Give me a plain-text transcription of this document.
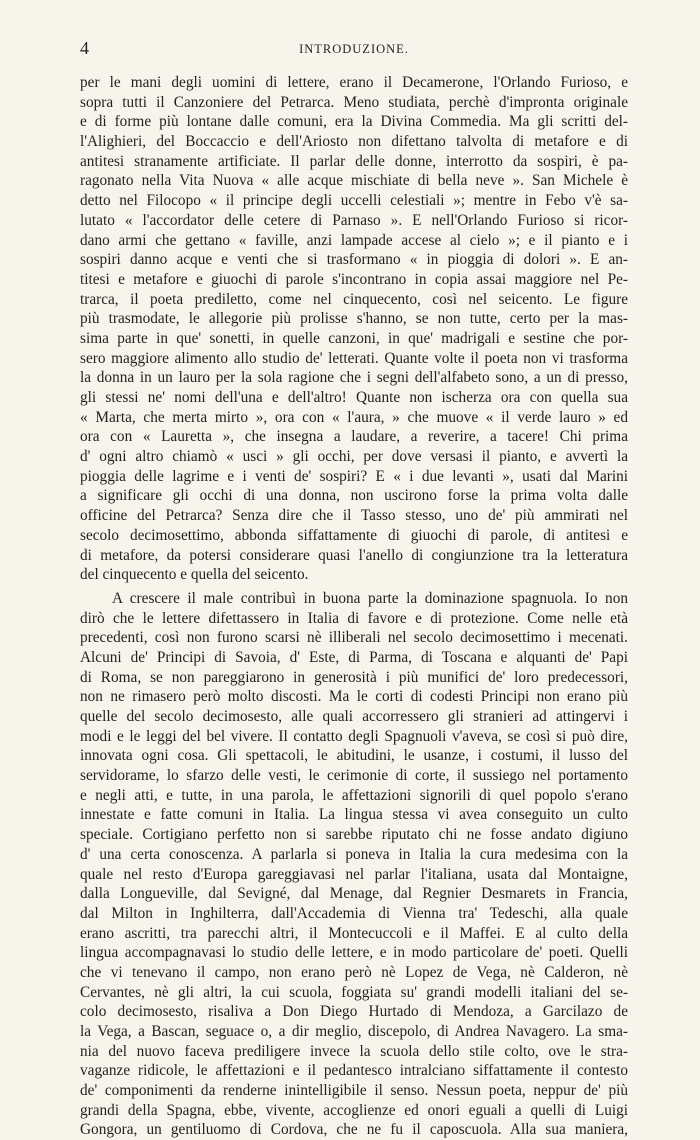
4	INTRODUZIONE.
per le mani degli uomini di lettere, erano il Decamerone, l'Orlando Furioso, e
sopra tutti il Canzoniere del Petrarca. Meno studiata, perchè d'impronta originale
e di forme più lontane dalle comuni, era la Divina Commedia. Ma gli scritti del-
l'Alighieri, del Boccaccio e dell'Ariosto non difettano talvolta di metafore e di
antitesi stranamente artificiate. Il parlar delle donne, interrotto da sospiri, è pa-
ragonato nella Vita Nuova « alle acque mischiate di bella neve ». San Michele è
detto nel Filocopo « il principe degli uccelli celestiali »; mentre in Febo v'è sa-
lutato « l'accordator delle cetere di Parnaso ». E nell'Orlando Furioso si ricor-
dano armi che gettano « faville, anzi lampade accese al cielo »; e il pianto e i
sospiri danno acque e venti che si trasformano « in pioggia di dolori ». E an-
titesi e metafore e giuochi di parole s'incontrano in copia assai maggiore nel Pe-
trarca, il poeta prediletto, come nel cinquecento, così nel seicento. Le figure
più trasmodate, le allegorie più prolisse s'hanno, se non tutte, certo per la mas-
sima parte in que' sonetti, in quelle canzoni, in que' madrigali e sestine che por-
sero maggiore alimento allo studio de' letterati. Quante volte il poeta non vi trasforma
la donna in un lauro per la sola ragione che i segni dell'alfabeto sono, a un di presso,
gli stessi ne' nomi dell'una e dell'altro! Quante non ischerza ora con quella sua
« Marta, che merta mirto », ora con « l'aura, » che muove « il verde lauro » ed
ora con « Lauretta », che insegna a laudare, a reverire, a tacere! Chi prima
d' ogni altro chiamò « usci » gli occhi, per dove versasi il pianto, e avvertì la
pioggia delle lagrime e i venti de' sospiri? E « i due levanti », usati dal Marini
a significare gli occhi di una donna, non uscirono forse la prima volta dalle
officine del Petrarca? Senza dire che il Tasso stesso, uno de' più ammirati nel
secolo decimosettimo, abbonda siffattamente di giuochi di parole, di antitesi e
di metafore, da potersi considerare quasi l'anello di congiunzione tra la letteratura
del cinquecento e quella del seicento.
A crescere il male contribuì in buona parte la dominazione spagnuola. Io non
dirò che le lettere difettassero in Italia di favore e di protezione. Come nelle età
precedenti, così non furono scarsi nè illiberali nel secolo decimosettimo i mecenati.
Alcuni de' Principi di Savoia, d' Este, di Parma, di Toscana e alquanti de' Papi
di Roma, se non pareggiarono in generosità i più munifici de' loro predecessori,
non ne rimasero però molto discosti. Ma le corti di codesti Principi non erano più
quelle del secolo decimosesto, alle quali accorressero gli stranieri ad attingervi i
modi e le leggi del bel vivere. Il contatto degli Spagnuoli v'aveva, se così si può dire,
innovata ogni cosa. Gli spettacoli, le abitudini, le usanze, i costumi, il lusso del
servidorame, lo sfarzo delle vesti, le cerimonie di corte, il sussiego nel portamento
e negli atti, e tutte, in una parola, le affettazioni signorili di quel popolo s'erano
innestate e fatte comuni in Italia. La lingua stessa vi avea conseguito un culto
speciale. Cortigiano perfetto non si sarebbe riputato chi ne fosse andato digiuno
d' una certa conoscenza. A parlarla si poneva in Italia la cura medesima con la
quale nel resto d'Europa gareggiavasi nel parlar l'italiana, usata dal Montaigne,
dalla Longueville, dal Sevigné, dal Menage, dal Regnier Desmarets in Francia,
dal Milton in Inghilterra, dall'Accademia di Vienna tra' Tedeschi, alla quale
erano ascritti, tra parecchi altri, il Montecuccoli e il Maffei. E al culto della
lingua accompagnavasi lo studio delle lettere, e in modo particolare de' poeti. Quelli
che vi tenevano il campo, non erano però nè Lopez de Vega, nè Calderon, nè
Cervantes, nè gli altri, la cui scuola, foggiata su' grandi modelli italiani del se-
colo decimosesto, risaliva a Don Diego Hurtado di Mendoza, a Garcilazo de
la Vega, a Bascan, seguace o, a dir meglio, discepolo, di Andrea Navagero. La sma-
nia del nuovo faceva prediligere invece la scuola dello stile colto, ove le stra-
vaganze ridicole, le affettazioni e il pedantesco intralciano siffattamente il contesto
de' componimenti da renderne inintelligibile il senso. Nessun poeta, neppur de' più
grandi della Spagna, ebbe, vivente, accoglienze ed onori eguali a quelli di Luigi
Gongora, un gentiluomo di Cordova, che ne fu il caposcuola. Alla sua maniera,
